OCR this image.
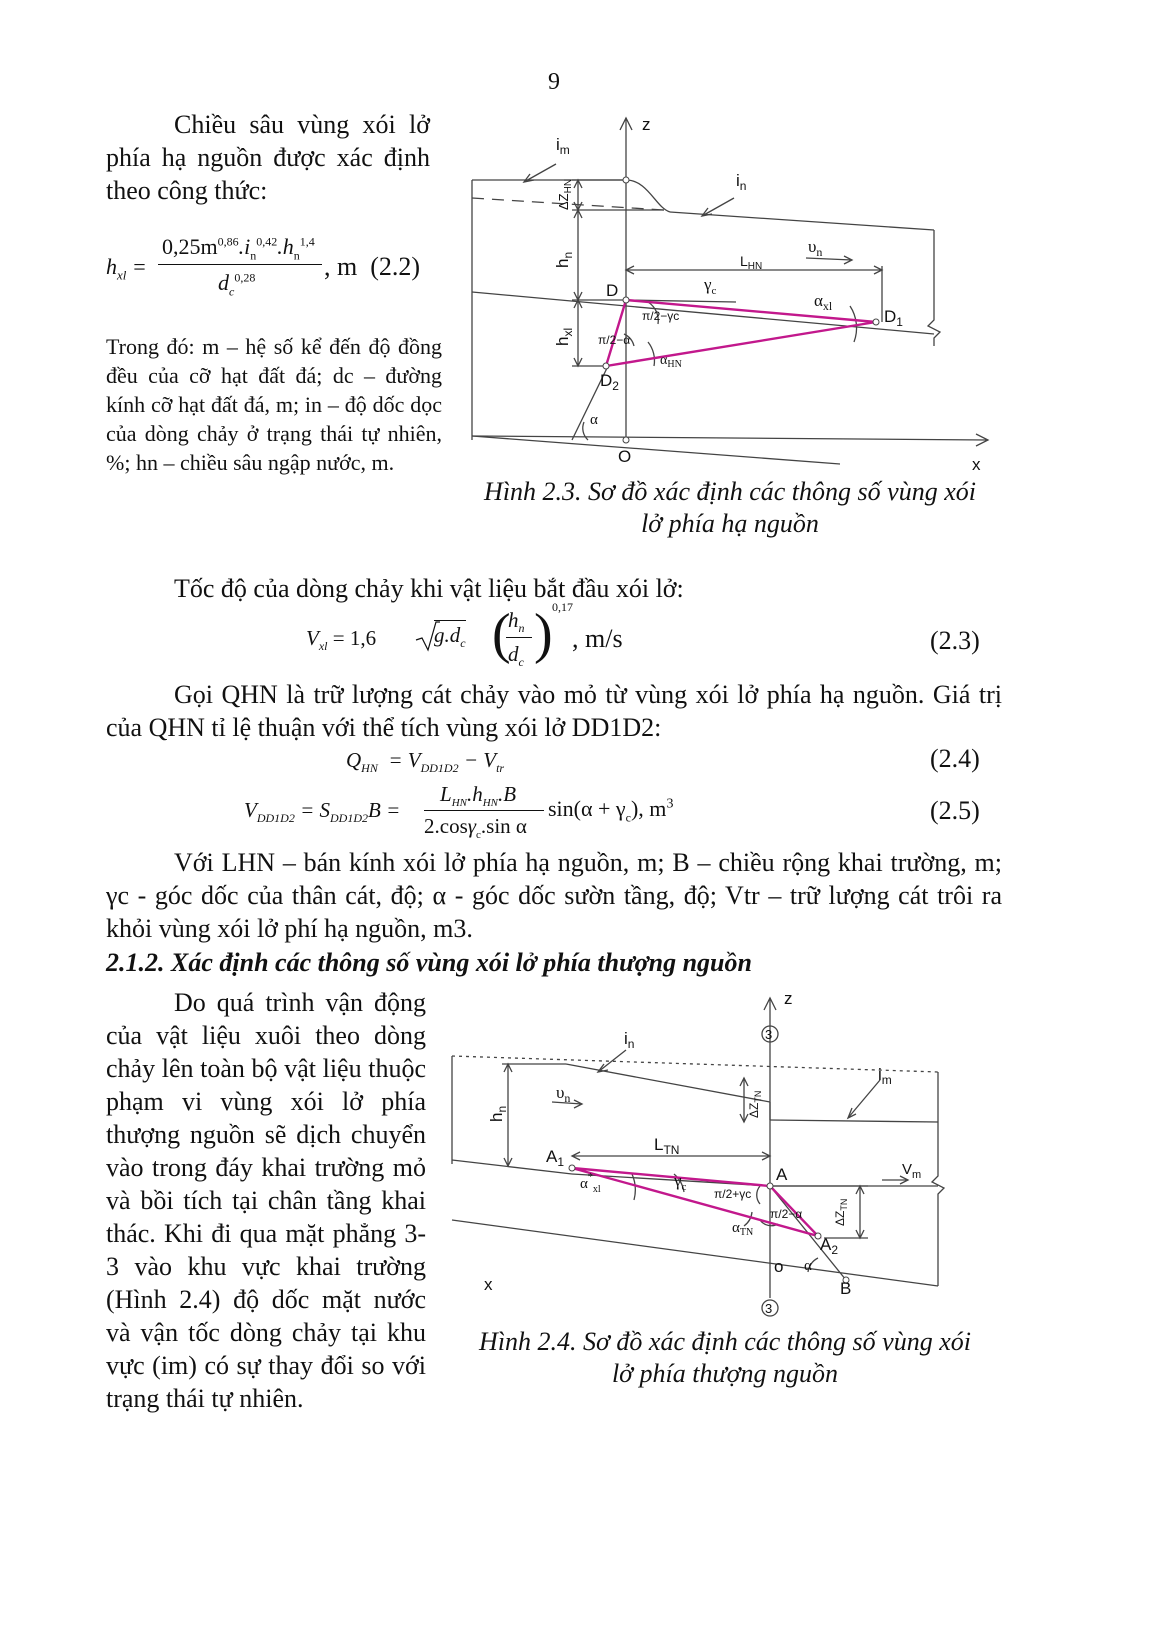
9
Chiều sâu vùng xói lở phía hạ nguồn được xác định theo công thức:
$h_{xl}$ =
$0,25m^{0,86}.i_n^{0,42}.h_n^{1,4}$
$d_c^{0,28}$	, m (2.2)
Trong đó: m – hệ số kể đến độ đồng đều của cỡ hạt đất đá; dc – đường kính cỡ hạt đất đá, m; in – độ dốc dọc của dòng chảy ở trạng thái tự nhiên, %; hn – chiều sâu ngập nước, m.
z
x
O
$i_m$
$i_n$
$\Delta Z_{HN}$
$h_n$
$h_{xl}$
$\upsilon_n$
$L_{HN}$
D
$D_1$
$D_2$
$\gamma_c$
π/2−γc
π/2−α
$\alpha_{xl}$
$\alpha_{HN}$
α
Hình 2.3. Sơ đồ xác định các thông số vùng xói
lở phía hạ nguồn
Tốc độ của dòng chảy khi vật liệu bắt đầu xói lở:
$V_{xl} = 1,6$	$g.d_c$ (
$h_n$
$d_c$ ) 0,17
, m/s	(2.3)
Gọi QHN là trữ lượng cát chảy vào mỏ từ vùng xói lở phía hạ nguồn. Giá trị của QHN tỉ lệ thuận với thể tích vùng xói lở DD1D2:
$Q_{HN} = V_{DD1D2} - V_{tr}$	(2.4)
$V_{DD1D2} = S_{DD1D2}B$ =
$L_{HN}.h_{HN}.B$
2.cosγ$_c$.sin α
$\sin(\alpha + \gamma_c)$, $m^3$	(2.5)
Với LHN – bán kính xói lở phía hạ nguồn, m; B – chiều rộng khai trường, m; γc - góc dốc của thân cát, độ; α - góc dốc sườn tầng, độ; Vtr – trữ lượng cát trôi ra khỏi vùng xói lở phí hạ nguồn, m3.
2.1.2. Xác định các thông số vùng xói lở phía thượng nguồn
Do quá trình vận động của vật liệu xuôi theo dòng chảy lên toàn bộ vật liệu thuộc phạm vi vùng xói lở phía thượng nguồn sẽ dịch chuyển vào trong đáy khai trường mỏ và bồi tích tại chân tầng khai thác. Khi đi qua mặt phẳng 3-3 vào khu vực khai trường (Hình 2.4) độ dốc mặt nước và vận tốc dòng chảy tại khu vực (im) có sự thay đổi so với trạng thái tự nhiên.
z
x
o
3
3
$i_n$
$i_m$
$h_n$
$\upsilon_n$
$\Delta Z_{TN}$
$\Delta Z_{TN}$
$L_{TN}$
$A_1$
A
$A_2$
B
$V_m$
$\gamma_c$
$\alpha^*_{xl}$	π/2+γc
π/2−α
$\alpha_{TN}$
α
Hình 2.4. Sơ đồ xác định các thông số vùng xói
lở phía thượng nguồn
